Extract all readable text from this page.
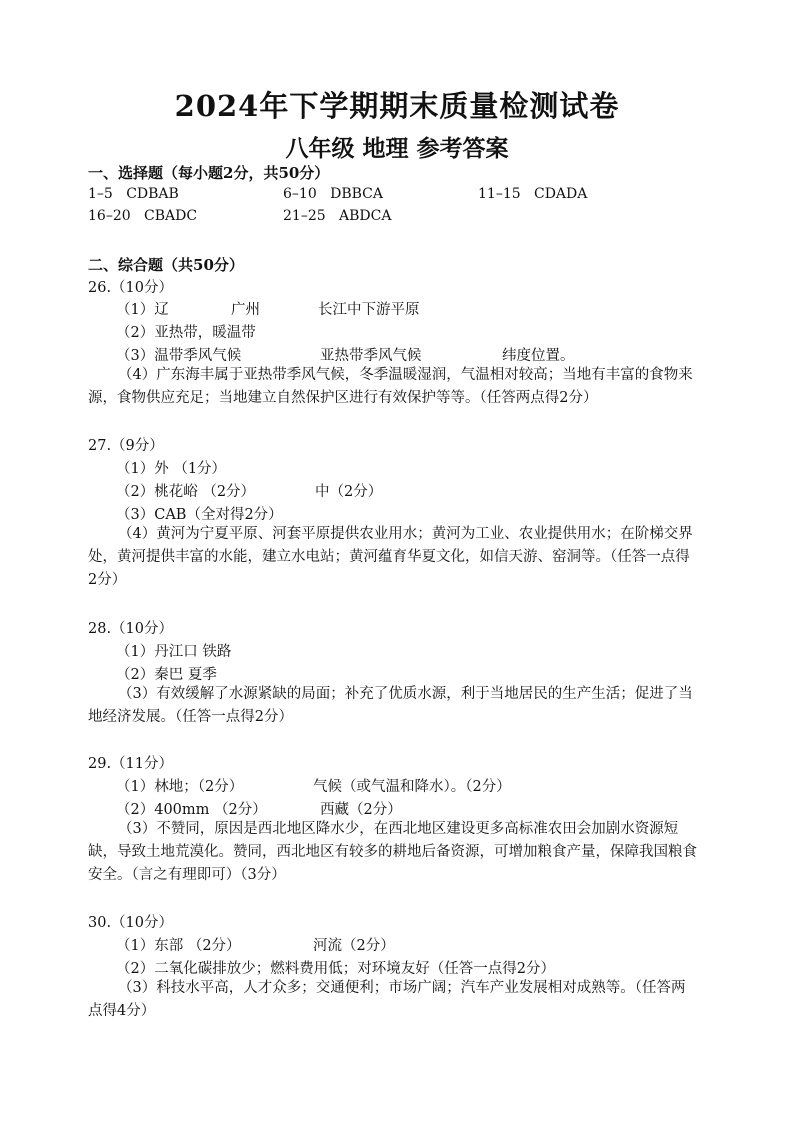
2024年下学期期末质量检测试卷
八年级 地理 参考答案
一、选择题（每小题2分，共50分）
1–5 CDBAB	6–10 DBBCA	11–15 CDADA
16–20 CBADC	21–25 ABDCA
二、综合题（共50分）
26.（10分）
（1）辽	广州	长江中下游平原
（2）亚热带，暖温带
（3）温带季风气候	亚热带季风气候	纬度位置。
（4）广东海丰属于亚热带季风气候，冬季温暖湿润，气温相对较高；当地有丰富的食物来源，食物供应充足；当地建立自然保护区进行有效保护等等。（任答两点得2分）
27.（9分）
（1）外 （1分）
（2）桃花峪 （2分）	中（2分）
（3）CAB（全对得2分）
（4）黄河为宁夏平原、河套平原提供农业用水；黄河为工业、农业提供用水；在阶梯交界处，黄河提供丰富的水能，建立水电站；黄河蕴育华夏文化，如信天游、窑洞等。（任答一点得2分）
28.（10分）
（1）丹江口 铁路
（2）秦巴 夏季
（3）有效缓解了水源紧缺的局面；补充了优质水源，利于当地居民的生产生活；促进了当地经济发展。（任答一点得2分）
29.（11分）
（1）林地；（2分）	气候（或气温和降水）。（2分）
（2）400mm （2分）	西藏（2分）
（3）不赞同，原因是西北地区降水少，在西北地区建设更多高标准农田会加剧水资源短缺，导致土地荒漠化。赞同，西北地区有较多的耕地后备资源，可增加粮食产量，保障我国粮食安全。（言之有理即可）（3分）
30.（10分）
（1）东部 （2分）	河流（2分）
（2）二氧化碳排放少；燃料费用低；对环境友好（任答一点得2分）
（3）科技水平高，人才众多；交通便利；市场广阔；汽车产业发展相对成熟等。（任答两点得4分）
